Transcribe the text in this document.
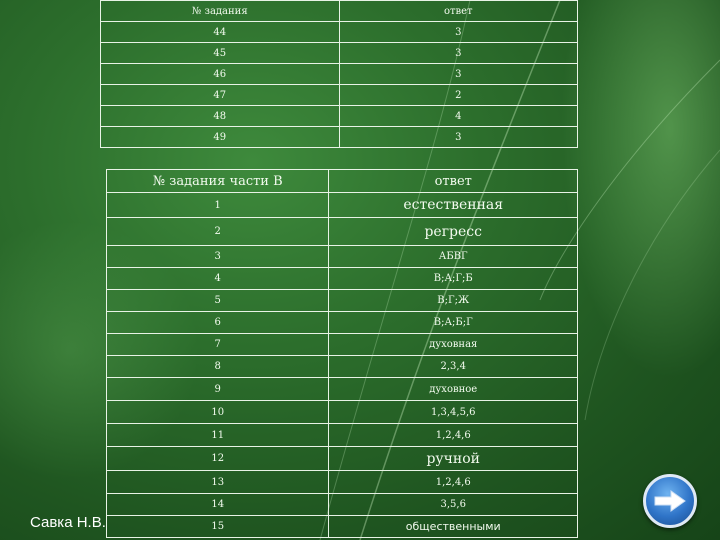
№ задания	ответ
44	3
45	3
46	3
47	2
48	4
49	3
№ задания части В	ответ
1	естественная
2	регресс
3	АБВГ
4	В;А;Г;Б
5	В;Г;Ж
6	В;А;Б;Г
7	духовная
8	2,3,4
9	духовное
10	1,3,4,5,6
11	1,2,4,6
12	ручной
13	1,2,4,6
14	3,5,6
15	общественными
Савка Н.В.
